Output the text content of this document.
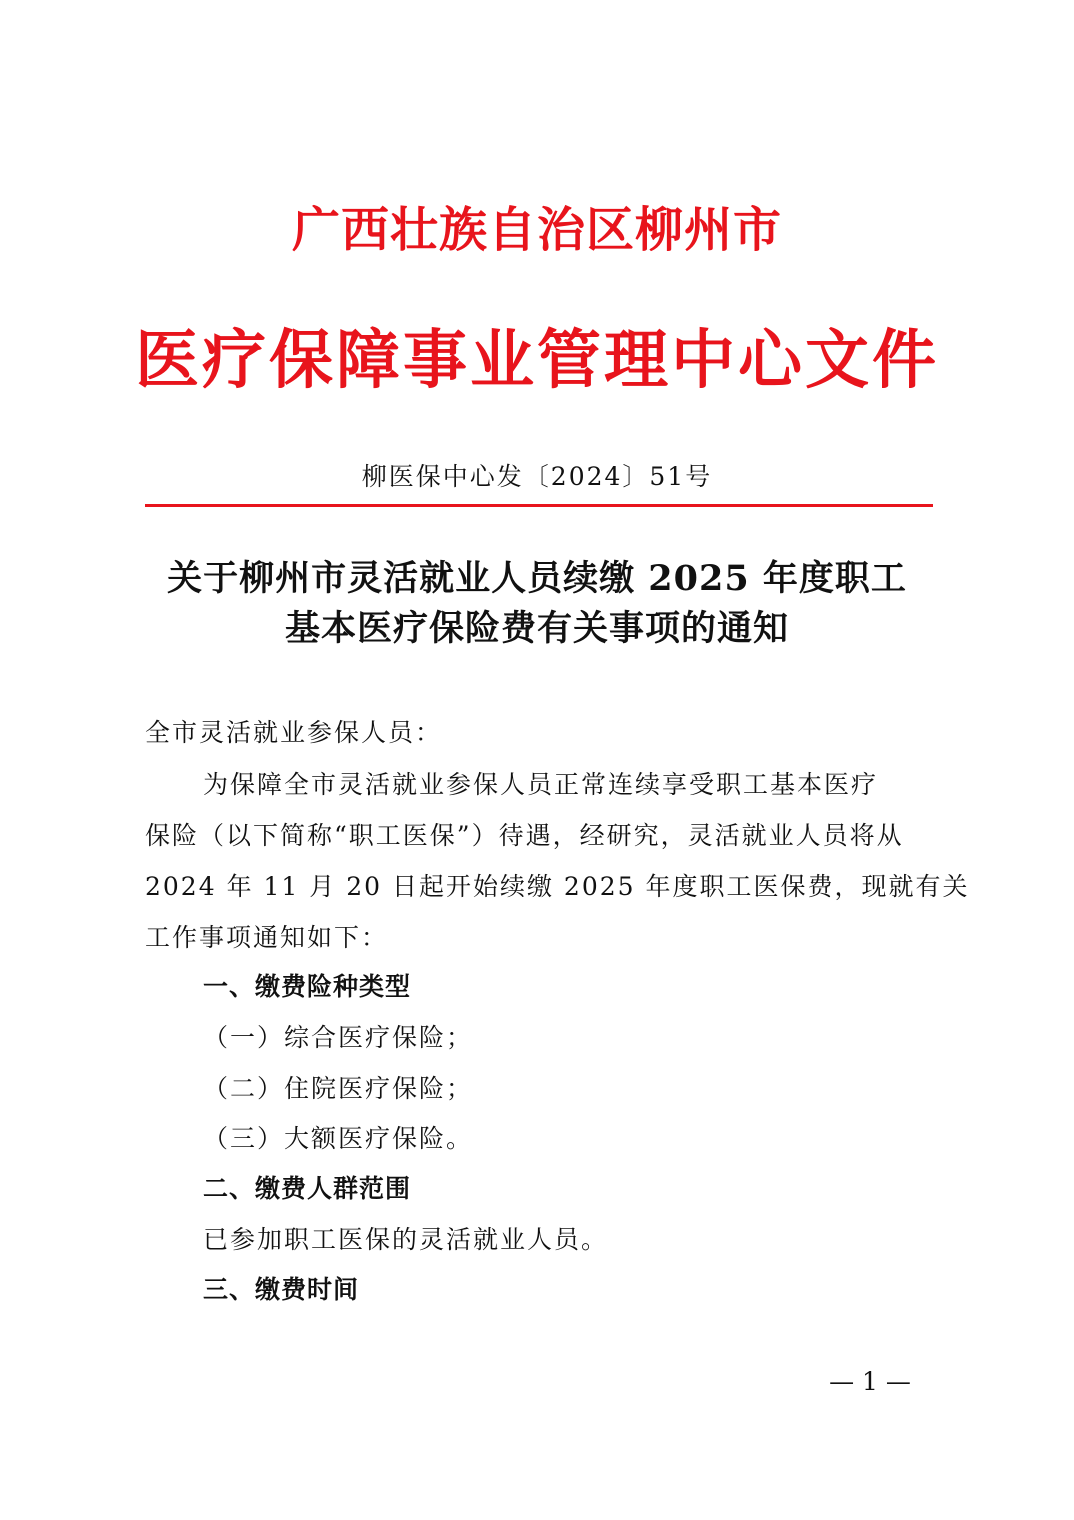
广西壮族自治区柳州市
医疗保障事业管理中心文件
柳医保中心发〔2024〕51号
关于柳州市灵活就业人员续缴 2025 年度职工
基本医疗保险费有关事项的通知
全市灵活就业参保人员：
为保障全市灵活就业参保人员正常连续享受职工基本医疗
保险（以下简称“职工医保”）待遇，经研究，灵活就业人员将从
2024 年 11 月 20 日起开始续缴 2025 年度职工医保费，现就有关
工作事项通知如下：
一、缴费险种类型
（一）综合医疗保险；
（二）住院医疗保险；
（三）大额医疗保险。
二、缴费人群范围
已参加职工医保的灵活就业人员。
三、缴费时间
— 1 —
